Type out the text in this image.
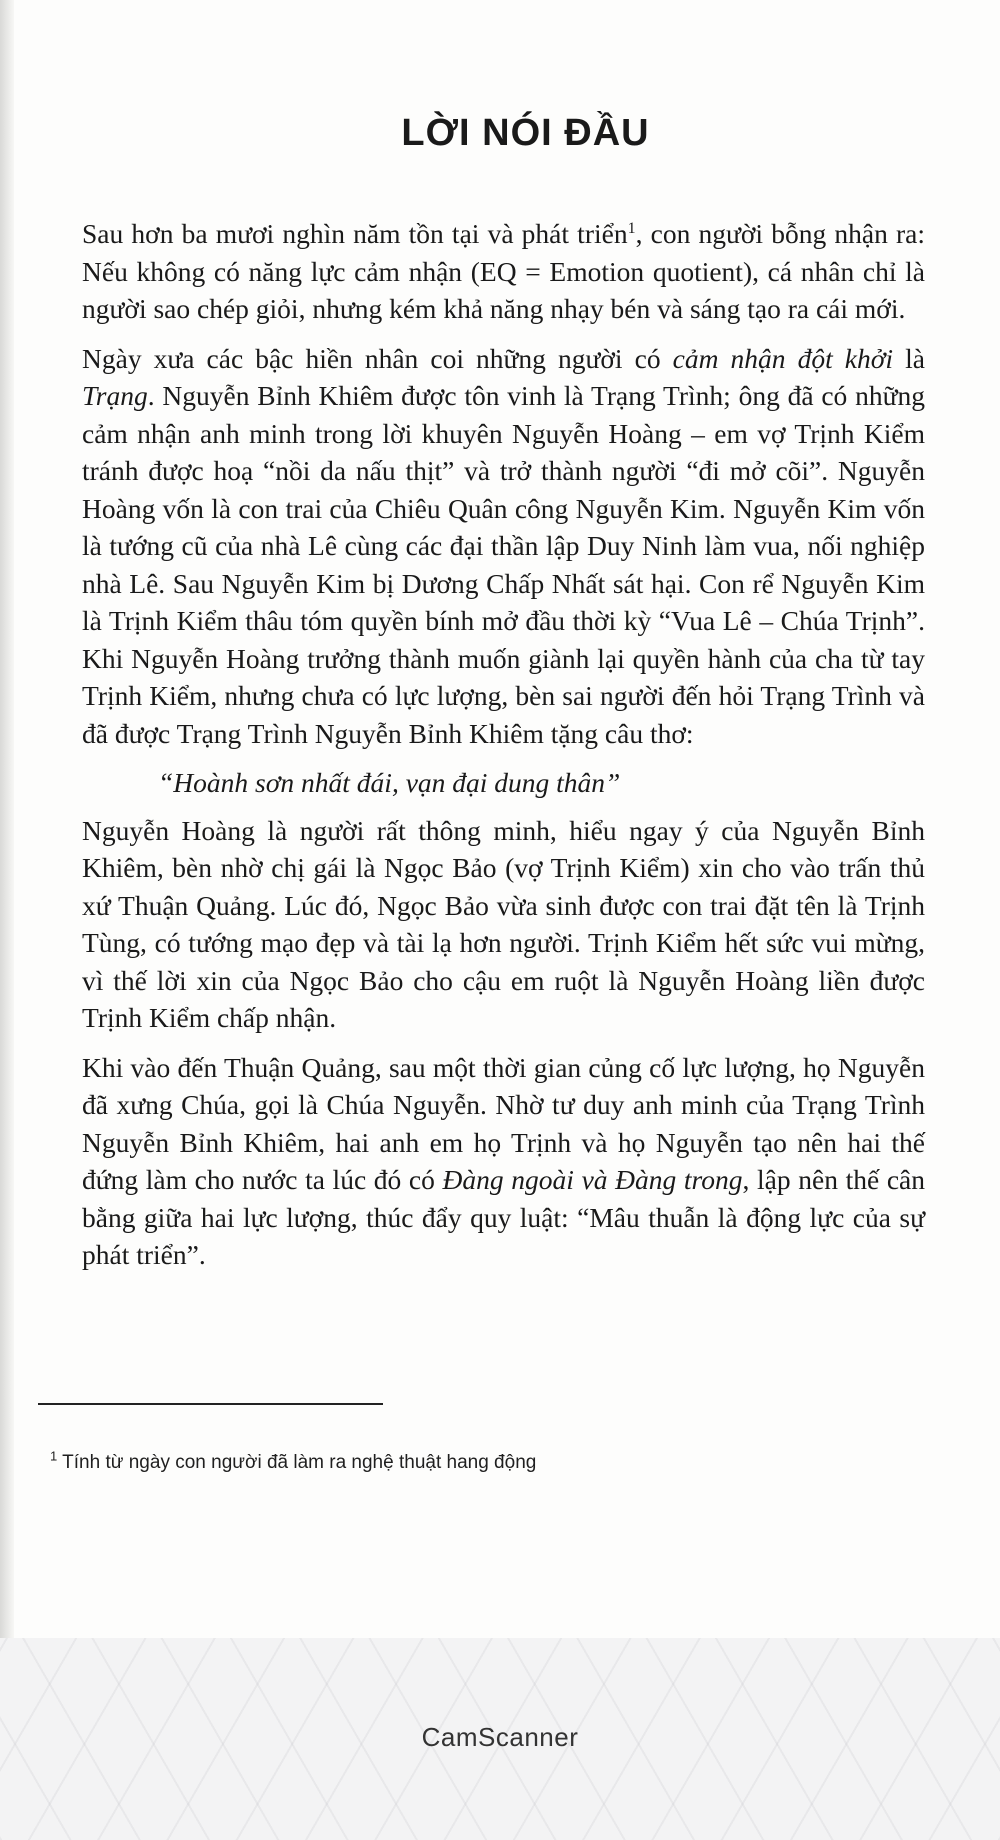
LỜI NÓI ĐẦU

Sau hơn ba mươi nghìn năm tồn tại và phát triển$^1$, con người bỗng nhận ra: Nếu không có năng lực cảm nhận (EQ = Emotion quotient), cá nhân chỉ là người sao chép giỏi, nhưng kém khả năng nhạy bén và sáng tạo ra cái mới.

Ngày xưa các bậc hiền nhân coi những người có cảm nhận đột khởi là Trạng. Nguyễn Bỉnh Khiêm được tôn vinh là Trạng Trình; ông đã có những cảm nhận anh minh trong lời khuyên Nguyễn Hoàng – em vợ Trịnh Kiểm tránh được hoạ “nồi da nấu thịt” và trở thành người “đi mở cõi”. Nguyễn Hoàng vốn là con trai của Chiêu Quân công Nguyễn Kim. Nguyễn Kim vốn là tướng cũ của nhà Lê cùng các đại thần lập Duy Ninh làm vua, nối nghiệp nhà Lê. Sau Nguyễn Kim bị Dương Chấp Nhất sát hại. Con rể Nguyễn Kim là Trịnh Kiểm thâu tóm quyền bính mở đầu thời kỳ “Vua Lê – Chúa Trịnh”. Khi Nguyễn Hoàng trưởng thành muốn giành lại quyền hành của cha từ tay Trịnh Kiểm, nhưng chưa có lực lượng, bèn sai người đến hỏi Trạng Trình và đã được Trạng Trình Nguyễn Bỉnh Khiêm tặng câu thơ:

“Hoành sơn nhất đái, vạn đại dung thân”

Nguyễn Hoàng là người rất thông minh, hiểu ngay ý của Nguyễn Bỉnh Khiêm, bèn nhờ chị gái là Ngọc Bảo (vợ Trịnh Kiểm) xin cho vào trấn thủ xứ Thuận Quảng. Lúc đó, Ngọc Bảo vừa sinh được con trai đặt tên là Trịnh Tùng, có tướng mạo đẹp và tài lạ hơn người. Trịnh Kiểm hết sức vui mừng, vì thế lời xin của Ngọc Bảo cho cậu em ruột là Nguyễn Hoàng liền được Trịnh Kiểm chấp nhận.

Khi vào đến Thuận Quảng, sau một thời gian củng cố lực lượng, họ Nguyễn đã xưng Chúa, gọi là Chúa Nguyễn. Nhờ tư duy anh minh của Trạng Trình Nguyễn Bỉnh Khiêm, hai anh em họ Trịnh và họ Nguyễn tạo nên hai thế đứng làm cho nước ta lúc đó có Đàng ngoài và Đàng trong, lập nên thế cân bằng giữa hai lực lượng, thúc đẩy quy luật: “Mâu thuẫn là động lực của sự phát triển”.

$^1$ Tính từ ngày con người đã làm ra nghệ thuật hang động
CamScanner
